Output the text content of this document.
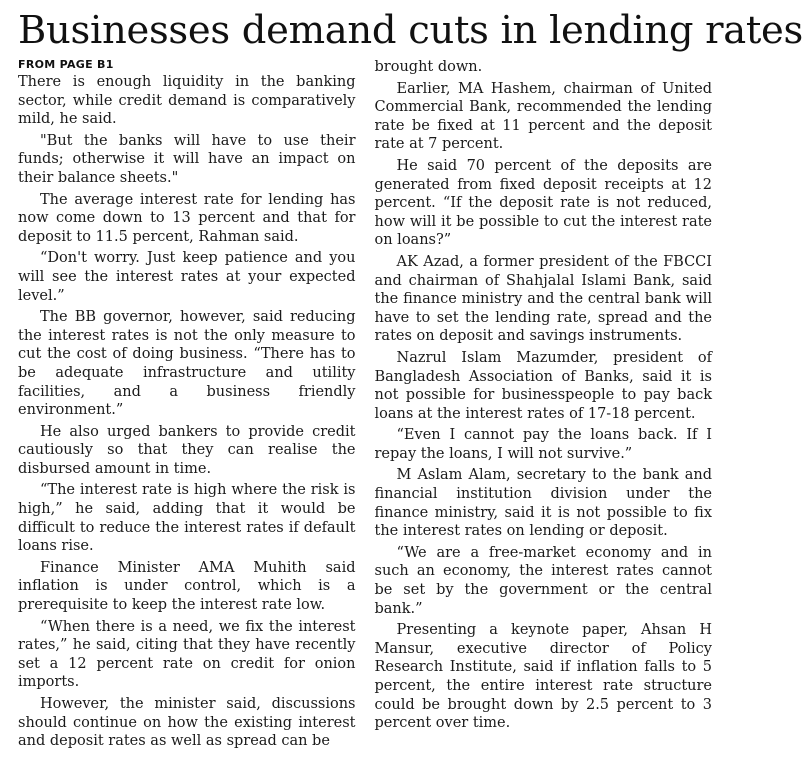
Businesses demand cuts in lending rates
FROM PAGE B1

There is enough liquidity in the banking sector, while credit demand is comparatively mild, he said.

"But the banks will have to use their funds; otherwise it will have an impact on their balance sheets."

The average interest rate for lending has now come down to 13 percent and that for deposit to 11.5 percent, Rahman said.

“Don't worry. Just keep patience and you will see the interest rates at your expected level.”

The BB governor, however, said reducing the interest rates is not the only measure to cut the cost of doing business. “There has to be adequate infrastructure and utility facilities, and a business friendly environment.”

He also urged bankers to provide credit cautiously so that they can realise the disbursed amount in time.

“The interest rate is high where the risk is high,” he said, adding that it would be difficult to reduce the interest rates if default loans rise.

Finance Minister AMA Muhith said inflation is under control, which is a prerequisite to keep the interest rate low.

“When there is a need, we fix the interest rates,” he said, citing that they have recently set a 12 percent rate on credit for onion imports.

However, the minister said, discussions should continue on how the existing interest and deposit rates as well as spread can be

brought down.

Earlier, MA Hashem, chairman of United Commercial Bank, recommended the lending rate be fixed at 11 percent and the deposit rate at 7 percent.

He said 70 percent of the deposits are generated from fixed deposit receipts at 12 percent. “If the deposit rate is not reduced, how will it be possible to cut the interest rate on loans?”

AK Azad, a former president of the FBCCI and chairman of Shahjalal Islami Bank, said the finance ministry and the central bank will have to set the lending rate, spread and the rates on deposit and savings instruments.

Nazrul Islam Mazumder, president of Bangladesh Association of Banks, said it is not possible for businesspeople to pay back loans at the interest rates of 17-18 percent.

“Even I cannot pay the loans back. If I repay the loans, I will not survive.”

M Aslam Alam, secretary to the bank and financial institution division under the finance ministry, said it is not possible to fix the interest rates on lending or deposit.

“We are a free-market economy and in such an economy, the interest rates cannot be set by the government or the central bank.”

Presenting a keynote paper, Ahsan H Mansur, executive director of Policy Research Institute, said if inflation falls to 5 percent, the entire interest rate structure could be brought down by 2.5 percent to 3 percent over time.
